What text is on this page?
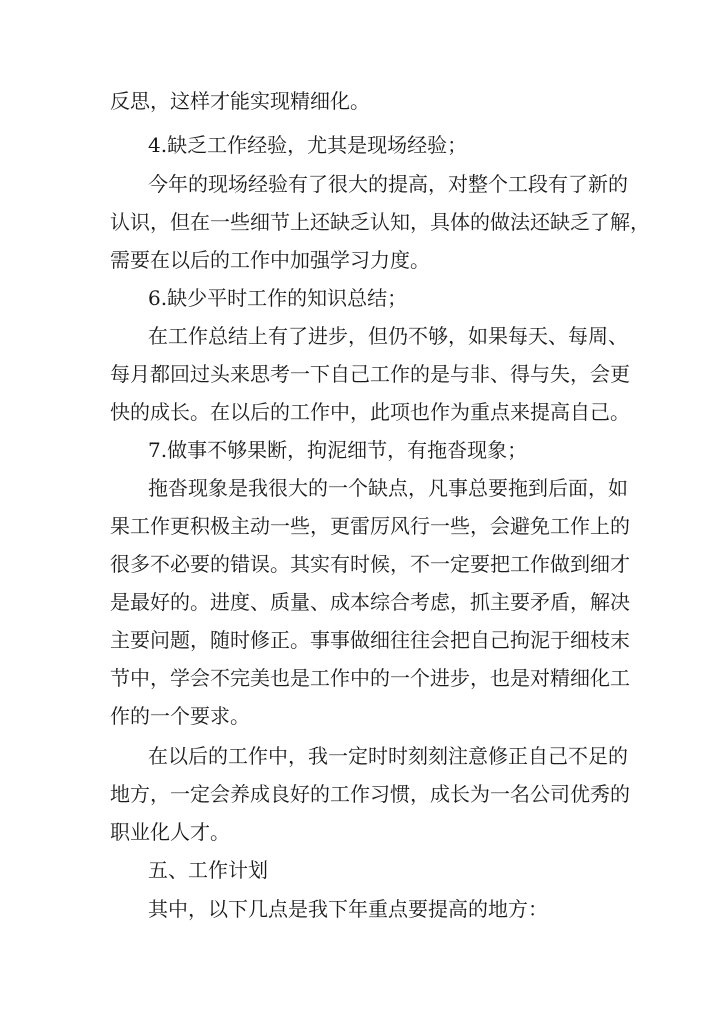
反思，这样才能实现精细化。
4.缺乏工作经验，尤其是现场经验；
今年的现场经验有了很大的提高，对整个工段有了新的
认识，但在一些细节上还缺乏认知，具体的做法还缺乏了解，
需要在以后的工作中加强学习力度。
6.缺少平时工作的知识总结；
在工作总结上有了进步，但仍不够，如果每天、每周、
每月都回过头来思考一下自己工作的是与非、得与失，会更
快的成长。在以后的工作中，此项也作为重点来提高自己。
7.做事不够果断，拘泥细节，有拖沓现象；
拖沓现象是我很大的一个缺点，凡事总要拖到后面，如
果工作更积极主动一些，更雷厉风行一些，会避免工作上的
很多不必要的错误。其实有时候，不一定要把工作做到细才
是最好的。进度、质量、成本综合考虑，抓主要矛盾，解决
主要问题，随时修正。事事做细往往会把自己拘泥于细枝末
节中，学会不完美也是工作中的一个进步，也是对精细化工
作的一个要求。
在以后的工作中，我一定时时刻刻注意修正自己不足的
地方，一定会养成良好的工作习惯，成长为一名公司优秀的
职业化人才。
五、工作计划
其中，以下几点是我下年重点要提高的地方：
